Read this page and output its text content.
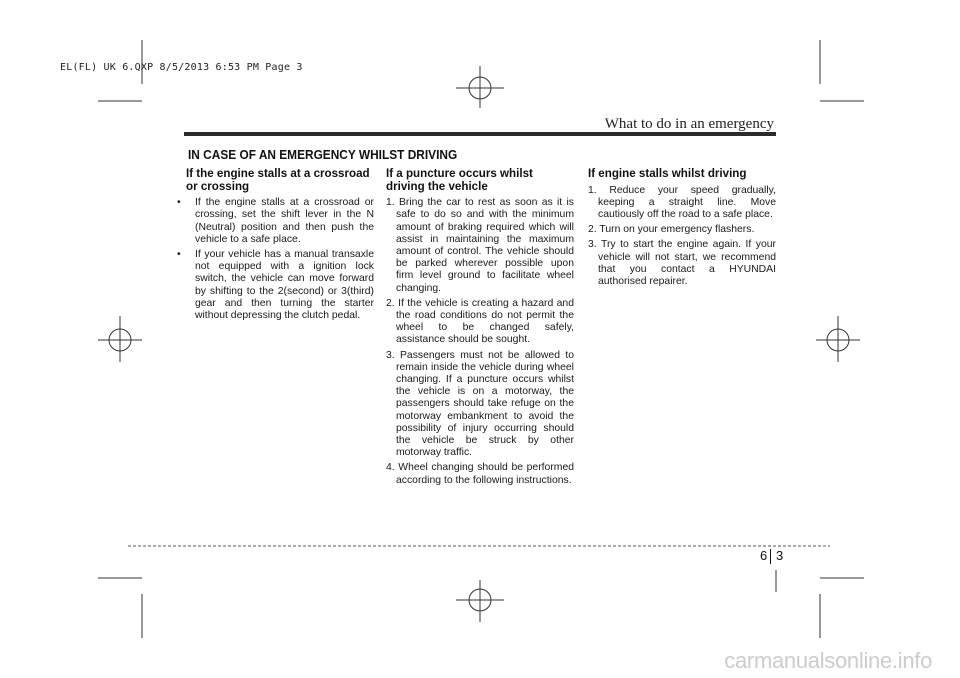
EL(FL) UK 6.QXP 8/5/2013 6:53 PM Page 3
What to do in an emergency
IN CASE OF AN EMERGENCY WHILST DRIVING
If the engine stalls at a crossroad or crossing
• If the engine stalls at a crossroad or crossing, set the shift lever in the N (Neutral) position and then push the vehicle to a safe place.
• If your vehicle has a manual transaxle not equipped with a ignition lock switch, the vehicle can move forward by shifting to the 2(second) or 3(third) gear and then turning the starter without depressing the clutch pedal.
If a puncture occurs whilst driving the vehicle
1. Bring the car to rest as soon as it is safe to do so and with the minimum amount of braking required which will assist in maintaining the maximum amount of control. The vehicle should be parked wherever possible upon firm level ground to facilitate wheel changing.
2. If the vehicle is creating a hazard and the road conditions do not permit the wheel to be changed safely, assistance should be sought.
3. Passengers must not be allowed to remain inside the vehicle during wheel changing. If a puncture occurs whilst the vehicle is on a motorway, the passengers should take refuge on the motorway embankment to avoid the possibility of injury occurring should the vehicle be struck by other motorway traffic.
4. Wheel changing should be performed according to the following instructions.
If engine stalls whilst driving
1. Reduce your speed gradually, keeping a straight line. Move cautiously off the road to a safe place.
2. Turn on your emergency flashers.
3. Try to start the engine again. If your vehicle will not start, we recommend that you contact a HYUNDAI authorised repairer.
6 3
carmanualsonline.info
